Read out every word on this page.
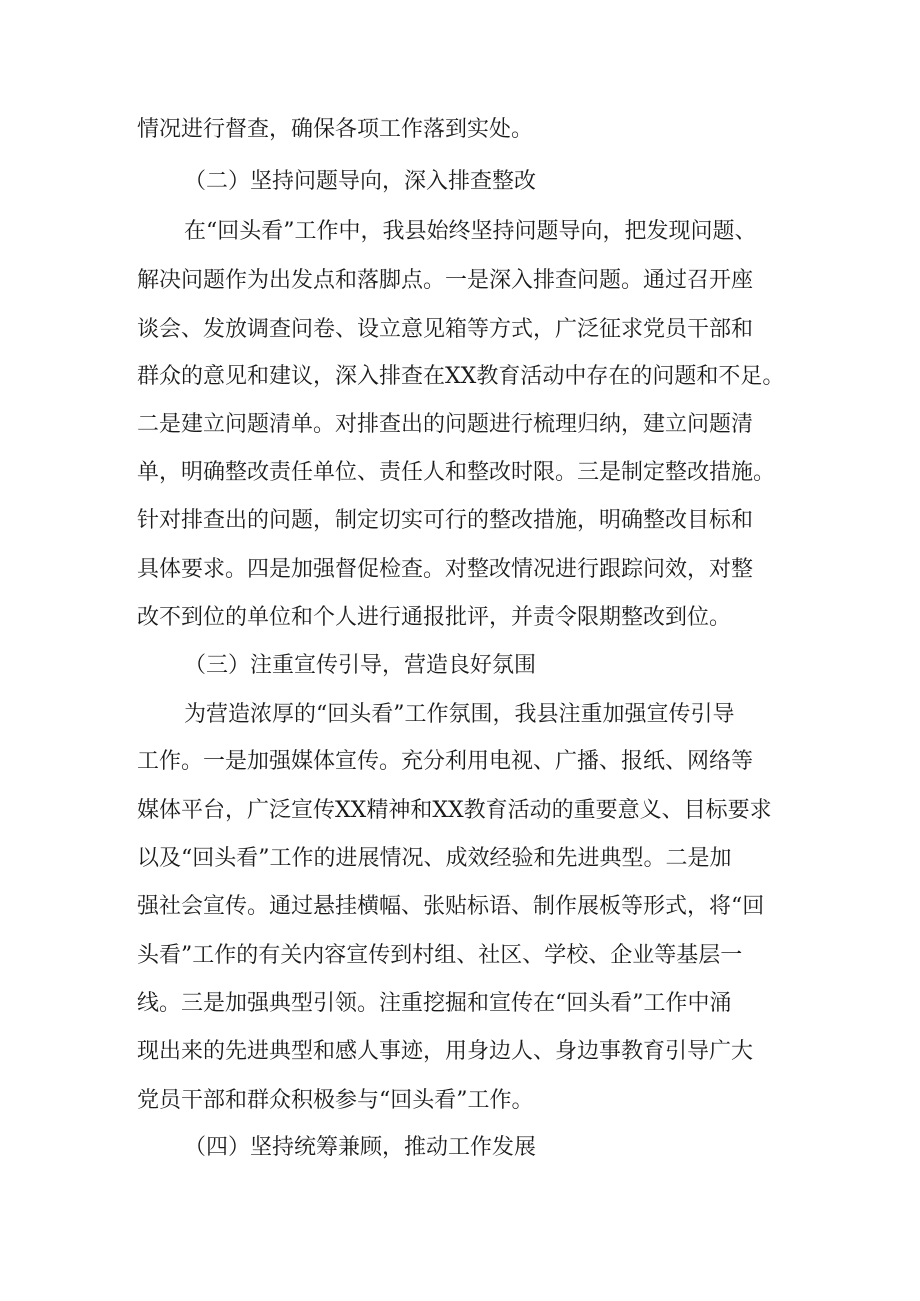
情况进行督查，确保各项工作落到实处。
（二）坚持问题导向，深入排查整改
在“回头看”工作中，我县始终坚持问题导向，把发现问题、
解决问题作为出发点和落脚点。一是深入排查问题。通过召开座
谈会、发放调查问卷、设立意见箱等方式，广泛征求党员干部和
群众的意见和建议，深入排查在XX教育活动中存在的问题和不足。
二是建立问题清单。对排查出的问题进行梳理归纳，建立问题清
单，明确整改责任单位、责任人和整改时限。三是制定整改措施。
针对排查出的问题，制定切实可行的整改措施，明确整改目标和
具体要求。四是加强督促检查。对整改情况进行跟踪问效，对整
改不到位的单位和个人进行通报批评，并责令限期整改到位。
（三）注重宣传引导，营造良好氛围
为营造浓厚的“回头看”工作氛围，我县注重加强宣传引导
工作。一是加强媒体宣传。充分利用电视、广播、报纸、网络等
媒体平台，广泛宣传XX精神和XX教育活动的重要意义、目标要求
以及“回头看”工作的进展情况、成效经验和先进典型。二是加
强社会宣传。通过悬挂横幅、张贴标语、制作展板等形式，将“回
头看”工作的有关内容宣传到村组、社区、学校、企业等基层一
线。三是加强典型引领。注重挖掘和宣传在“回头看”工作中涌
现出来的先进典型和感人事迹，用身边人、身边事教育引导广大
党员干部和群众积极参与“回头看”工作。
（四）坚持统筹兼顾，推动工作发展
